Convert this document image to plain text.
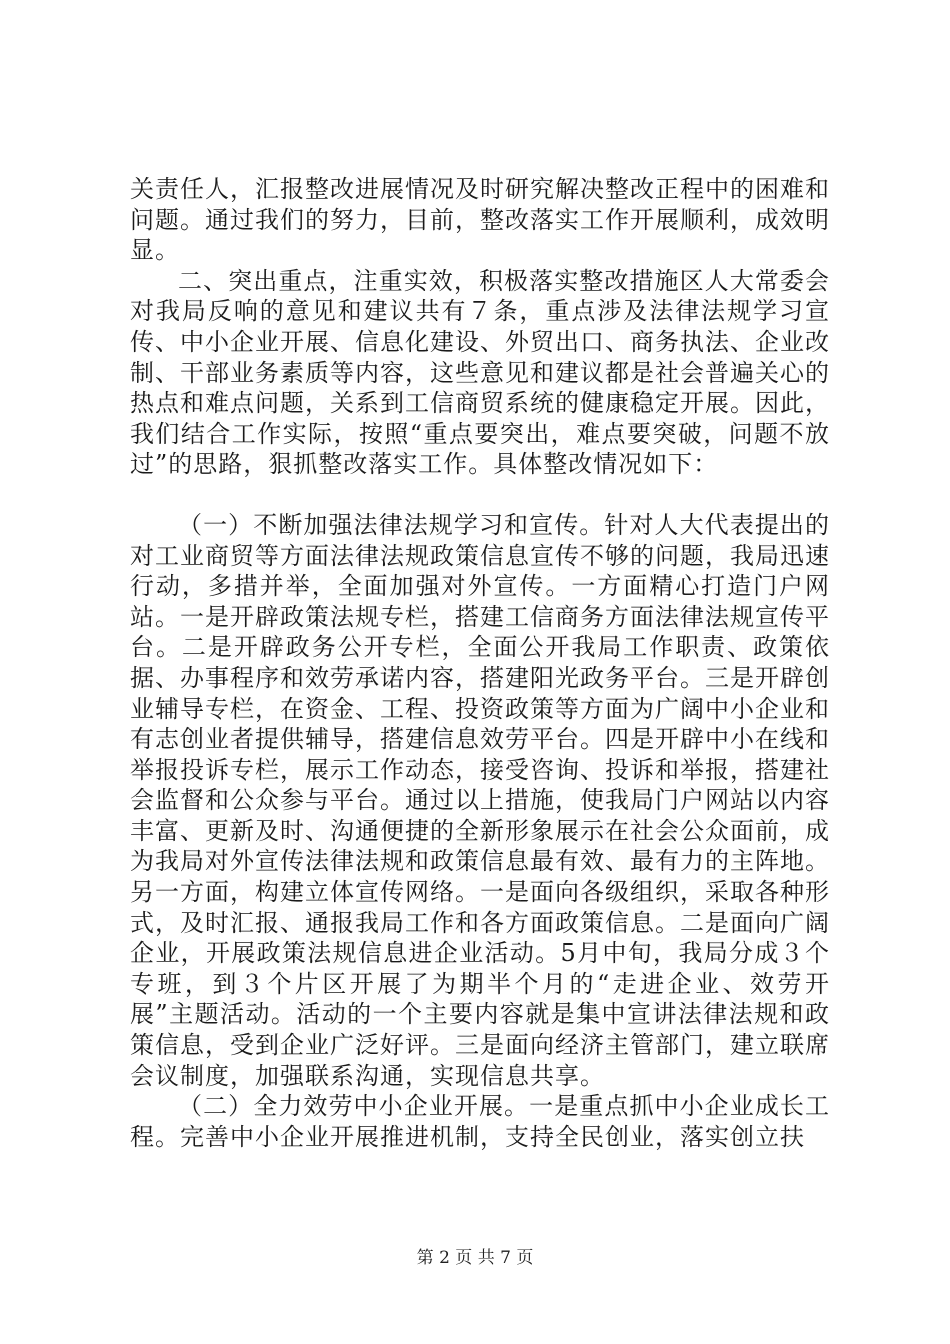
关责任人，汇报整改进展情况及时研究解决整改正程中的困难和问题。通过我们的努力，目前，整改落实工作开展顺利，成效明显。

二、突出重点，注重实效，积极落实整改措施区人大常委会对我局反响的意见和建议共有７条，重点涉及法律法规学习宣传、中小企业开展、信息化建设、外贸出口、商务执法、企业改制、干部业务素质等内容，这些意见和建议都是社会普遍关心的热点和难点问题，关系到工信商贸系统的健康稳定开展。因此，我们结合工作实际，按照“重点要突出，难点要突破，问题不放过”的思路，狠抓整改落实工作。具体整改情况如下：

（一）不断加强法律法规学习和宣传。针对人大代表提出的对工业商贸等方面法律法规政策信息宣传不够的问题，我局迅速行动，多措并举，全面加强对外宣传。一方面精心打造门户网站。一是开辟政策法规专栏，搭建工信商务方面法律法规宣传平台。二是开辟政务公开专栏，全面公开我局工作职责、政策依据、办事程序和效劳承诺内容，搭建阳光政务平台。三是开辟创业辅导专栏，在资金、工程、投资政策等方面为广阔中小企业和有志创业者提供辅导，搭建信息效劳平台。四是开辟中小在线和举报投诉专栏，展示工作动态，接受咨询、投诉和举报，搭建社会监督和公众参与平台。通过以上措施，使我局门户网站以内容丰富、更新及时、沟通便捷的全新形象展示在社会公众面前，成为我局对外宣传法律法规和政策信息最有效、最有力的主阵地。另一方面，构建立体宣传网络。一是面向各级组织，采取各种形式，及时汇报、通报我局工作和各方面政策信息。二是面向广阔企业，开展政策法规信息进企业活动。5月中旬，我局分成３个专班，到３个片区开展了为期半个月的“走进企业、效劳开展”主题活动。活动的一个主要内容就是集中宣讲法律法规和政策信息，受到企业广泛好评。三是面向经济主管部门，建立联席会议制度，加强联系沟通，实现信息共享。

（二）全力效劳中小企业开展。一是重点抓中小企业成长工程。完善中小企业开展推进机制，支持全民创业，落实创立扶

第 2 页 共 7 页
